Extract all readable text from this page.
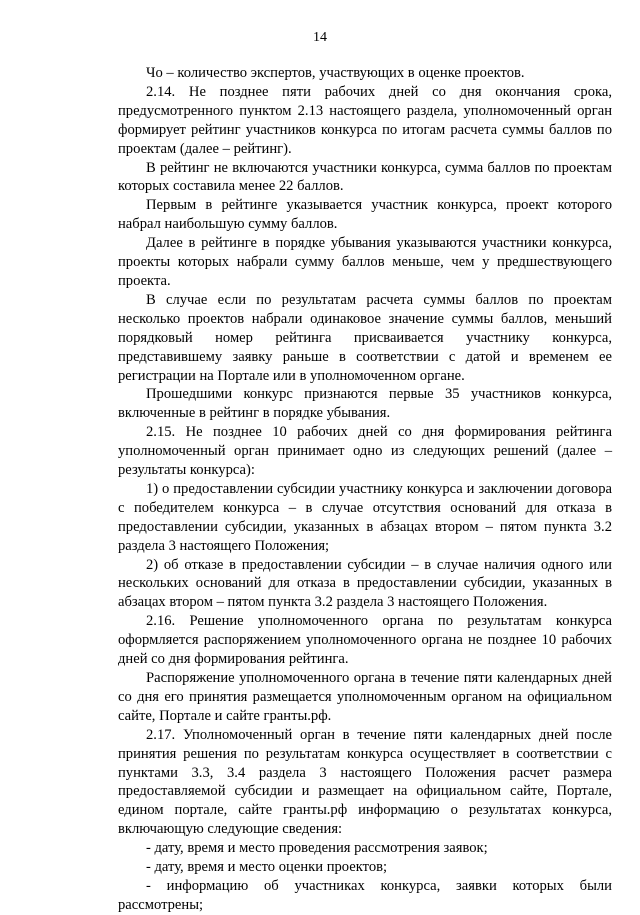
14

Чо – количество экспертов, участвующих в оценке проектов.

2.14. Не позднее пяти рабочих дней со дня окончания срока, предусмотренного пунктом 2.13 настоящего раздела, уполномоченный орган формирует рейтинг участников конкурса по итогам расчета суммы баллов по проектам (далее – рейтинг).

В рейтинг не включаются участники конкурса, сумма баллов по проектам которых составила менее 22 баллов.

Первым в рейтинге указывается участник конкурса, проект которого набрал наибольшую сумму баллов.

Далее в рейтинге в порядке убывания указываются участники конкурса, проекты которых набрали сумму баллов меньше, чем у предшествующего проекта.

В случае если по результатам расчета суммы баллов по проектам несколько проектов набрали одинаковое значение суммы баллов, меньший порядковый номер рейтинга присваивается участнику конкурса, представившему заявку раньше в соответствии с датой и временем ее регистрации на Портале или в уполномоченном органе.

Прошедшими конкурс признаются первые 35 участников конкурса, включенные в рейтинг в порядке убывания.

2.15. Не позднее 10 рабочих дней со дня формирования рейтинга уполномоченный орган принимает одно из следующих решений (далее – результаты конкурса):

1) о предоставлении субсидии участнику конкурса и заключении договора с победителем конкурса – в случае отсутствия оснований для отказа в предоставлении субсидии, указанных в абзацах втором – пятом пункта 3.2 раздела 3 настоящего Положения;

2) об отказе в предоставлении субсидии – в случае наличия одного или нескольких оснований для отказа в предоставлении субсидии, указанных в абзацах втором – пятом пункта 3.2 раздела 3 настоящего Положения.

2.16. Решение уполномоченного органа по результатам конкурса оформляется распоряжением уполномоченного органа не позднее 10 рабочих дней со дня формирования рейтинга.

Распоряжение уполномоченного органа в течение пяти календарных дней со дня его принятия размещается уполномоченным органом на официальном сайте, Портале и сайте гранты.рф.

2.17. Уполномоченный орган в течение пяти календарных дней после принятия решения по результатам конкурса осуществляет в соответствии с пунктами 3.3, 3.4 раздела 3 настоящего Положения расчет размера предоставляемой субсидии и размещает на официальном сайте, Портале, едином портале, сайте гранты.рф информацию о результатах конкурса, включающую следующие сведения:

- дату, время и место проведения рассмотрения заявок;

- дату, время и место оценки проектов;

- информацию об участниках конкурса, заявки которых были рассмотрены;
